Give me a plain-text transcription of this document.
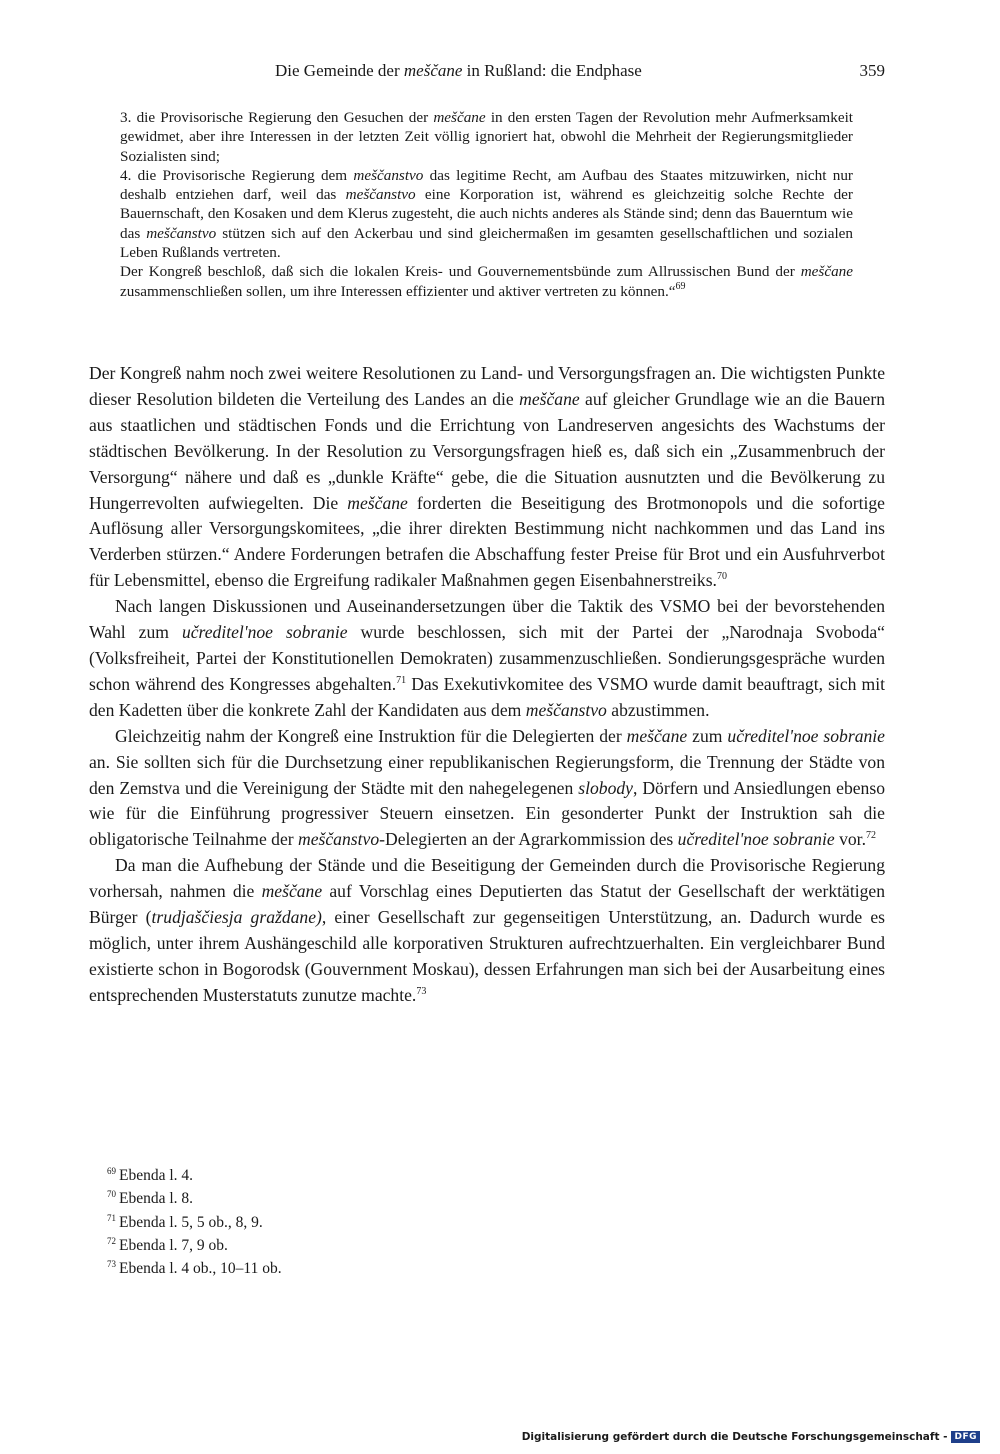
Die Gemeinde der meščane in Rußland: die Endphase	359

3. die Provisorische Regierung den Gesuchen der meščane in den ersten Tagen der Revolution mehr Aufmerksamkeit gewidmet, aber ihre Interessen in der letzten Zeit völlig ignoriert hat, obwohl die Mehrheit der Regierungsmitglieder Sozialisten sind;

4. die Provisorische Regierung dem meščanstvo das legitime Recht, am Aufbau des Staates mitzuwirken, nicht nur deshalb entziehen darf, weil das meščanstvo eine Korporation ist, während es gleichzeitig solche Rechte der Bauernschaft, den Kosaken und dem Klerus zugesteht, die auch nichts anderes als Stände sind; denn das Bauerntum wie das meščanstvo stützen sich auf den Ackerbau und sind gleichermaßen im gesamten gesellschaftlichen und sozialen Leben Rußlands vertreten.

Der Kongreß beschloß, daß sich die lokalen Kreis- und Gouvernementsbünde zum Allrussischen Bund der meščane zusammenschließen sollen, um ihre Interessen effizienter und aktiver vertreten zu können.“$^{69}$

Der Kongreß nahm noch zwei weitere Resolutionen zu Land- und Versorgungsfragen an. Die wichtigsten Punkte dieser Resolution bildeten die Verteilung des Landes an die meščane auf gleicher Grundlage wie an die Bauern aus staatlichen und städtischen Fonds und die Errichtung von Landreserven angesichts des Wachstums der städtischen Bevölkerung. In der Resolution zu Versorgungsfragen hieß es, daß sich ein „Zusammenbruch der Versorgung“ nähere und daß es „dunkle Kräfte“ gebe, die die Situation ausnutzten und die Bevölkerung zu Hungerrevolten aufwiegelten. Die meščane forderten die Beseitigung des Brotmonopols und die sofortige Auflösung aller Versorgungskomitees, „die ihrer direkten Bestimmung nicht nachkommen und das Land ins Verderben stürzen.“ Andere Forderungen betrafen die Abschaffung fester Preise für Brot und ein Ausfuhrverbot für Lebensmittel, ebenso die Ergreifung radikaler Maßnahmen gegen Eisenbahnerstreiks.$^{70}$

Nach langen Diskussionen und Auseinandersetzungen über die Taktik des VSMO bei der bevorstehenden Wahl zum učreditel'noe sobranie wurde beschlossen, sich mit der Partei der „Narodnaja Svoboda“ (Volksfreiheit, Partei der Konstitutionellen Demokraten) zusammenzuschließen. Sondierungsgespräche wurden schon während des Kongresses abgehalten.$^{71}$ Das Exekutivkomitee des VSMO wurde damit beauftragt, sich mit den Kadetten über die konkrete Zahl der Kandidaten aus dem meščanstvo abzustimmen.

Gleichzeitig nahm der Kongreß eine Instruktion für die Delegierten der meščane zum učreditel'noe sobranie an. Sie sollten sich für die Durchsetzung einer republikanischen Regierungsform, die Trennung der Städte von den Zemstva und die Vereinigung der Städte mit den nahegelegenen slobody, Dörfern und Ansiedlungen ebenso wie für die Einführung progressiver Steuern einsetzen. Ein gesonderter Punkt der Instruktion sah die obligatorische Teilnahme der meščanstvo-Delegierten an der Agrarkommission des učreditel'noe sobranie vor.$^{72}$

Da man die Aufhebung der Stände und die Beseitigung der Gemeinden durch die Provisorische Regierung vorhersah, nahmen die meščane auf Vorschlag eines Deputierten das Statut der Gesellschaft der werktätigen Bürger (trudjaščiesja graždane), einer Gesellschaft zur gegenseitigen Unterstützung, an. Dadurch wurde es möglich, unter ihrem Aushängeschild alle korporativen Strukturen aufrechtzuerhalten. Ein vergleichbarer Bund existierte schon in Bogorodsk (Gouvernment Moskau), dessen Erfahrungen man sich bei der Ausarbeitung eines entsprechenden Musterstatuts zunutze machte.$^{73}$

$^{69}$ Ebenda l. 4.

$^{70}$ Ebenda l. 8.

$^{71}$ Ebenda l. 5, 5 ob., 8, 9.

$^{72}$ Ebenda l. 7, 9 ob.

$^{73}$ Ebenda l. 4 ob., 10–11 ob.

Digitalisierung gefördert durch die Deutsche Forschungsgemeinschaft - DFG
